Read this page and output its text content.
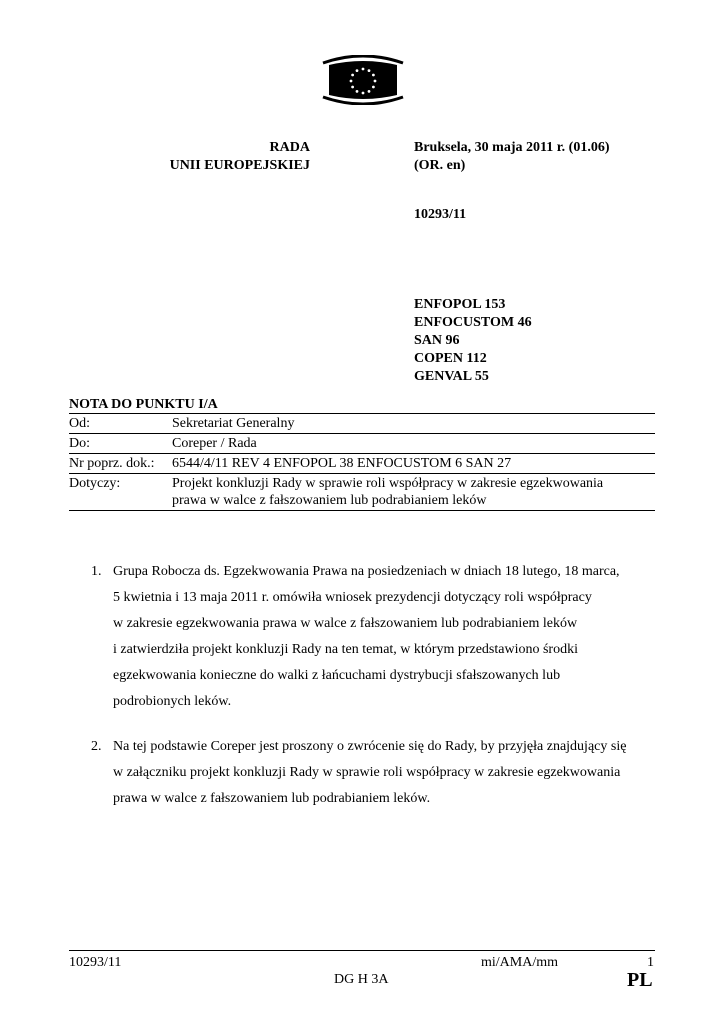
RADA
UNII EUROPEJSKIEJ
Bruksela, 30 maja 2011 r. (01.06)
(OR. en)
10293/11
ENFOPOL 153
ENFOCUSTOM 46
SAN 96
COPEN 112
GENVAL 55
NOTA DO PUNKTU I/A
Od:	Sekretariat Generalny
Do:	Coreper / Rada
Nr poprz. dok.:	6544/4/11 REV 4 ENFOPOL 38 ENFOCUSTOM 6 SAN 27
Dotyczy:	Projekt konkluzji Rady w sprawie roli współpracy w zakresie egzekwowania
prawa w walce z fałszowaniem lub podrabianiem leków
1. Grupa Robocza ds. Egzekwowania Prawa na posiedzeniach w dniach 18 lutego, 18 marca,
5 kwietnia i 13 maja 2011 r. omówiła wniosek prezydencji dotyczący roli współpracy
w zakresie egzekwowania prawa w walce z fałszowaniem lub podrabianiem leków
i zatwierdziła projekt konkluzji Rady na ten temat, w którym przedstawiono środki
egzekwowania konieczne do walki z łańcuchami dystrybucji sfałszowanych lub
podrobionych leków.
2. Na tej podstawie Coreper jest proszony o zwrócenie się do Rady, by przyjęła znajdujący się
w załączniku projekt konkluzji Rady w sprawie roli współpracy w zakresie egzekwowania
prawa w walce z fałszowaniem lub podrabianiem leków.
10293/11	mi/AMA/mm	1
DG H 3A	PL
